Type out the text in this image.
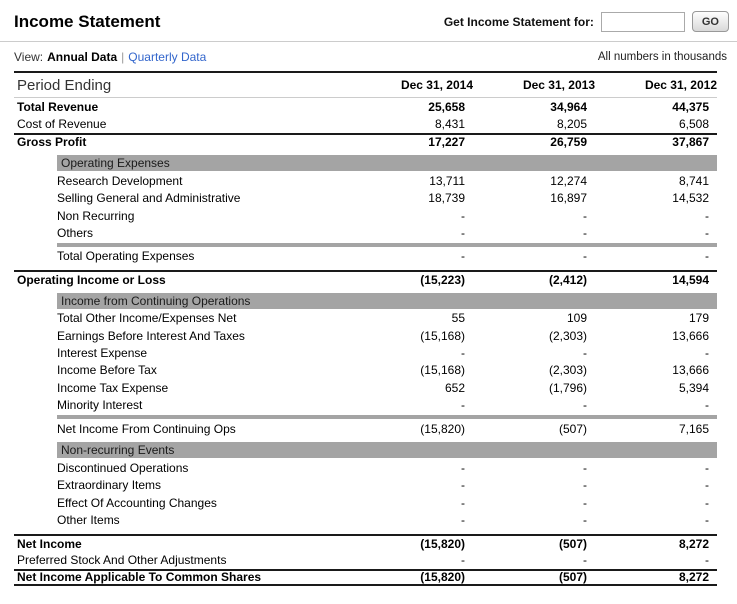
Income Statement	Get Income Statement for:	GO
View: Annual Data | Quarterly Data	All numbers in thousands
Period Ending	Dec 31, 2014	Dec 31, 2013	Dec 31, 2012
Total Revenue	25,658	34,964	44,375
Cost of Revenue	8,431	8,205	6,508
Gross Profit	17,227	26,759	37,867
Operating Expenses
Research Development	13,711	12,274	8,741
Selling General and Administrative	18,739	16,897	14,532
Non Recurring	-	-	-
Others	-	-	-
Total Operating Expenses	-	-	-
Operating Income or Loss	(15,223)	(2,412)	14,594
Income from Continuing Operations
Total Other Income/Expenses Net	55	109	179
Earnings Before Interest And Taxes	(15,168)	(2,303)	13,666
Interest Expense	-	-	-
Income Before Tax	(15,168)	(2,303)	13,666
Income Tax Expense	652	(1,796)	5,394
Minority Interest	-	-	-
Net Income From Continuing Ops	(15,820)	(507)	7,165
Non-recurring Events
Discontinued Operations	-	-	-
Extraordinary Items	-	-	-
Effect Of Accounting Changes	-	-	-
Other Items	-	-	-
Net Income	(15,820)	(507)	8,272
Preferred Stock And Other Adjustments	-	-	-
Net Income Applicable To Common Shares	(15,820)	(507)	8,272
